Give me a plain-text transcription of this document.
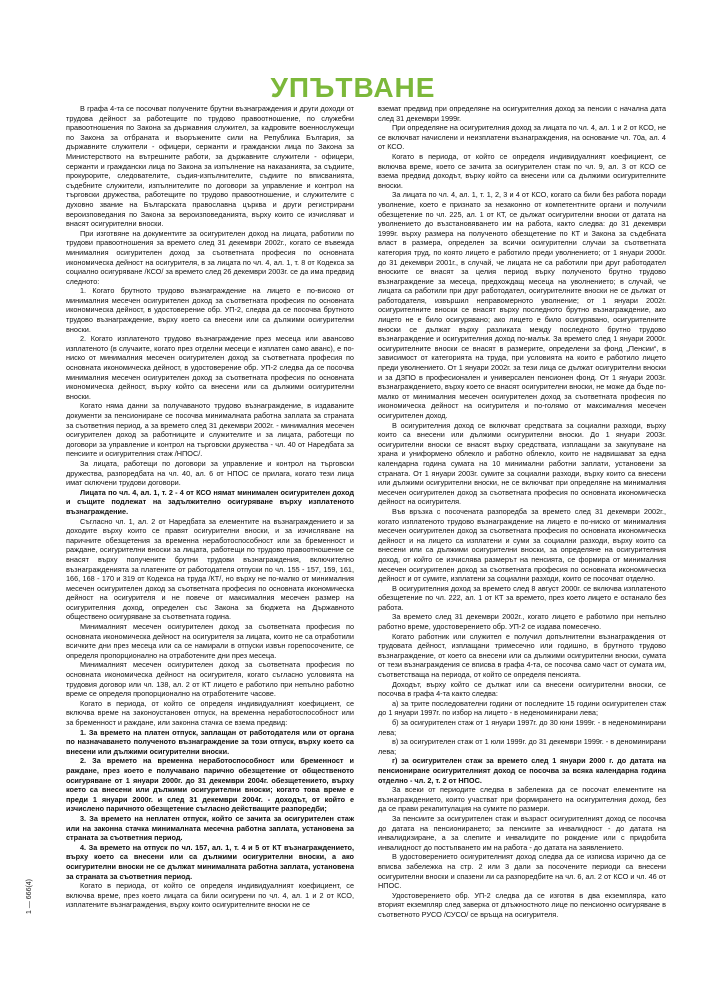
УПЪТВАНЕ

В графа 4-та се посочват получените брутни възнаграждения и други доходи от трудова дейност за работещите по трудово правоотношение, по служебни правоотношения по Закона за държавния служител, за кадровите военнослужещи по Закона за отбраната и въоръжените сили на Република България, за държавните служители - офицери, сержанти и граждански лица по Закона за Министерството на вътрешните работи, за държавните служители - офицери, сержанти и граждански лица по Закона за изпълнение на наказанията, за съдиите, прокурорите, следователите, съдия-изпълнителите, съдиите по вписванията, съдебните служители, изпълнителите по договори за управление и контрол на търговски дружества, работещите по трудово правоотношение, и служителите с духовно звание на Българската православна църква и други регистрирани вероизповедания по Закона за вероизповеданията, върху които се изчисляват и внасят осигурителни вноски.

При изготвяне на документите за осигурителен доход на лицата, работили по трудови правоотношения за времето след 31 декември 2002г., когато се въвежда минималния осигурителен доход за съответната професия по основната икономическа дейност на осигурителя, в за лицата по чл. 4, ал. 1, т. 8 от Кодекса за социално осигуряване /КСО/ за времето след 26 декември 2003г. се да има предвид следното:

1. Когато брутното трудово възнаграждение на лицето е по-високо от минималния месечен осигурителен доход за съответната професия по основната икономическа дейност, в удостоверение обр. УП-2, следва да се посочва брутното трудово възнаграждение, върху което са внесени или са дължими осигурителни вноски.

2. Когато изплатеното трудово възнаграждение през месеца или авансово изплатеното (в случаите, когато през отделни месеци е изплатен само аванс), е по-ниско от минималния месечен осигурителен доход за съответната професия по основната икономическа дейност, в удостоверение обр. УП-2 следва да се посочва минималния месечен осигурителен доход за съответната професия по основната икономическа дейност, върху който са внесени или са дължими осигурителни вноски.

Когато няма данни за получаваното трудово възнаграждение, в издаваните документи за пенсиониране се посочва минималната работна заплата за страната за съответния период, а за времето след 31 декември 2002г. - минималния месечен осигурителен доход за работниците и служителите и за лицата, работещи по договори за управление и контрол на търговски дружества - чл. 40 от Наредбата за пенсиите и осигурителния стаж /НПОС/.

За лицата, работещи по договори за управление и контрол на търговски дружества, разпоредбата на чл. 40, ал. 6 от НПОС се прилага, когато тези лица имат сключени трудови договори.

Лицата по чл. 4, ал. 1, т. 2 - 4 от КСО нямат минимален осигурителен доход и същите подлежат на задължително осигуряване върху изплатеното възнаграждение.

Съгласно чл. 1, ал. 2 от Наредбата за елементите на възнаграждението и за доходите върху които се правят осигурителни вноски, и за изчисляване на паричните обезщетения за временна неработоспособност или за бременност и раждане, осигурителни вноски за лицата, работещи по трудово правоотношение се внасят върху получените брутни трудови възнаграждения, включително възнагражденията за платените от работодателя отпуски по чл. 155 - 157, 159, 161, 166, 168 - 170 и 319 от Кодекса на труда /КТ/, но върху не по-малко от минималния месечен осигурителен доход за съответната професия по основната икономическа дейност на осигурителя и не повече от максималния месечен размер на осигурителния доход, определен със Закона за бюджета на Държавното обществено осигуряване за съответната година.

Минималният месечен осигурителен доход за съответната професия по основната икономическа дейност на осигурителя за лицата, които не са отработили всичките дни през месеца или са се намирали в отпуски извън горепосочените, се определя пропорционално на отработените дни през месеца.

Минималният месечен осигурителен доход за съответната професия по основната икономическа дейност на осигурителя, когато съгласно условията на трудовия договор или чл. 138, ал. 2 от КТ лицето е работило при непълно работно време се определя пропорционално на отработените часове.

Когато в периода, от който се определя индивидуалният коефициент, се включва време на законоустановен отпуск, на временна неработоспособност или за бременност и раждане, или законна стачка се взема предвид:

1. За времето на платен отпуск, заплащан от работодателя или от органа по назначаването полученото възнаграждение за този отпуск, върху което са внесени или дължими осигурителни вноски.

2. За времето на временна неработоспособност или бременност и раждане, през което е получавано парично обезщетение от общественото осигуряване от 1 януари 2000г. до 31 декември 2004г. обезщетението, върху което са внесени или дължими осигурителни вноски; когато това време е преди 1 януари 2000г. и след 31 декември 2004г. - доходът, от който е изчислено паричното обезщетение съгласно действащите разпоредби;

3. За времето на неплатен отпуск, който се зачита за осигурителен стаж или на законна стачка минималната месечна работна заплата, установена за страната за съответния период.

4. За времето на отпуск по чл. 157, ал. 1, т. 4 и 5 от КТ възнаграждението, върху което са внесени или са дължими осигурителни вноски, а ако осигурителни вноски не се дължат минималната работна заплата, установена за страната за съответния период.

Когато в периода, от който се определя индивидуалният коефициент, се включва време, през което лицата са били осигурени по чл. 4, ал. 1 и 2 от КСО, изплатените възнаграждения, върху които осигурителните вноски не се

вземат предвид при определяне на осигурителния доход за пенсии с начална дата след 31 декември 1999г.

При определяне на осигурителния доход за лицата по чл. 4, ал. 1 и 2 от КСО, не се включват начислени и неизплатени възнаграждения, на основание чл. 70а, ал. 4 от КСО.

Когато в периода, от който се определя индивидуалният коефициент, се включва време, което се зачита за осигурителен стаж по чл. 9, ал. 3 от КСО се взема предвид доходът, върху който са внесени или са дължими осигурителните вноски.

За лицата по чл. 4, ал. 1, т. 1, 2, 3 и 4 от КСО, когато са били без работа поради уволнение, което е признато за незаконно от компетентните органи и получили обезщетение по чл. 225, ал. 1 от КТ, се дължат осигурителни вноски от датата на уволнението до възстановяването им на работа, както следва: до 31 декември 1999г. върху размера на полученото обезщетение по КТ и Закона за съдебната власт в размера, определен за всички осигурителни случаи за съответната категория труд, по която лицето е работило преди уволнението; от 1 януари 2000г. до 31 декември 2001г., в случай, че лицата не са работили при друг работодател вноските се внасят за целия период върху полученото брутно трудово възнаграждение за месеца, предхождащ месеца на уволнението; в случай, че лицата са работили при друг работодател, осигурителните вноски не се дължат от работодателя, извършил неправомерното уволнение; от 1 януари 2002г. осигурителните вноски се внасят върху последното брутно възнаграждение, ако лицето не е било осигурявано; ако лицето е било осигурявано, осигурителните вноски се дължат върху разликата между последното брутно трудово възнаграждение и осигурителния доход по-малък. За времето след 1 януари 2000г. осигурителните вноски се внасят в размерите, определени за фонд „Пенсии“, в зависимост от категорията на труда, при условията на които е работило лицето преди уволнението. От 1 януари 2002г. за тези лица се дължат осигурителни вноски и за ДЗПО в професионален и универсален пенсионен фонд. От 1 януари 2003г. възнаграждението, върху което се внасят осигурителни вноски, не може да бъде по-малко от минималния месечен осигурителен доход за съответната професия по икономическа дейност на осигурителя и по-голямо от максималния месечен осигурителен доход.

В осигурителния доход се включват средствата за социални разходи, върху които са внесени или дължими осигурителни вноски. До 1 януари 2003г. осигурителни вноски се внасят върху средствата, изплащани за закупуване на храна и униформено облекло и работно облекло, които не надвишават за една календарна година сумата на 10 минимални работни заплати, установени за страната. От 1 януари 2003г. сумите за социални разходи, върху които са внесени или дължими осигурителни вноски, не се включват при определяне на минималния месечен осигурителен доход за съответната професия по основната икономическа дейност на осигурителя.

Във връзка с посочената разпоредба за времето след 31 декември 2002г., когато изплатеното трудово възнаграждение на лицето е по-ниско от минималния месечен осигурителен доход за съответната професия по основната икономическа дейност и на лицето са изплатени и суми за социални разходи, върху които са внесени или са дължими осигурителни вноски, за определяне на осигурителния доход, от който се изчислява размерът на пенсията, се формира от минималния месечен осигурителен доход за съответната професия по основната икономическа дейност и от сумите, изплатени за социални разходи, които се посочват отделно.

В осигурителния доход за времето след 8 август 2000г. се включва изплатеното обезщетение по чл. 222, ал. 1 от КТ за времето, през което лицето е останало без работа.

За времето след 31 декември 2002г., когато лицето е работило при непълно работно време, удостоверението обр. УП-2 се издава помесечно.

Когато работник или служител е получил допълнителни възнаграждения от трудовата дейност, изплащани тримесечно или годишно, в брутното трудово възнаграждение, от което са внесени или са дължими осигурителни вноски, сумата от тези възнаграждения се вписва в графа 4-та, се посочва само част от сумата им, съответстваща на периода, от който се определя пенсията.

Доходът, върху който се дължат или са внесени осигурителни вноски, се посочва в графа 4-та както следва:

а) за трите последователни години от последните 15 години осигурителен стаж до 1 януари 1997г. по избор на лицето - в неденоминирани лева;

б) за осигурителен стаж от 1 януари 1997г. до 30 юни 1999г. - в неденоминирани лева;

в) за осигурителен стаж от 1 юли 1999г. до 31 декември 1999г. - в деноминирани лева;

г) за осигурителен стаж за времето след 1 януари 2000 г. до датата на пенсиониране осигурителният доход се посочва за всяка календарна година отделно - чл. 2, т. 2 от НПОС.

За всеки от периодите следва в забележка да се посочат елементите на възнаграждението, които участват при формирането на осигурителния доход, без да се прави рекапитулация на сумите по размери.

За пенсиите за осигурителен стаж и възраст осигурителният доход се посочва до датата на пенсионирането; за пенсиите за инвалидност - до датата на инвалидизиране, а за слепите и инвалидите по рождение или с придобита инвалидност до постъпването им на работа - до датата на заявлението.

В удостоверението осигурителният доход следва да се изписва изрично да се вписва забележка на стр. 2 или 3 дали за посочените периоди са внесени осигурителни вноски и спазени ли са разпоредбите на чл. 6, ал. 2 от КСО и чл. 46 от НПОС.

Удостоверението обр. УП-2 следва да се изготвя в два екземпляра, като вторият екземпляр след заверка от длъжностното лице по пенсионно осигуряване в съответното РУСО /СУСО/ се връща на осигурителя.

1 — 666(4)
